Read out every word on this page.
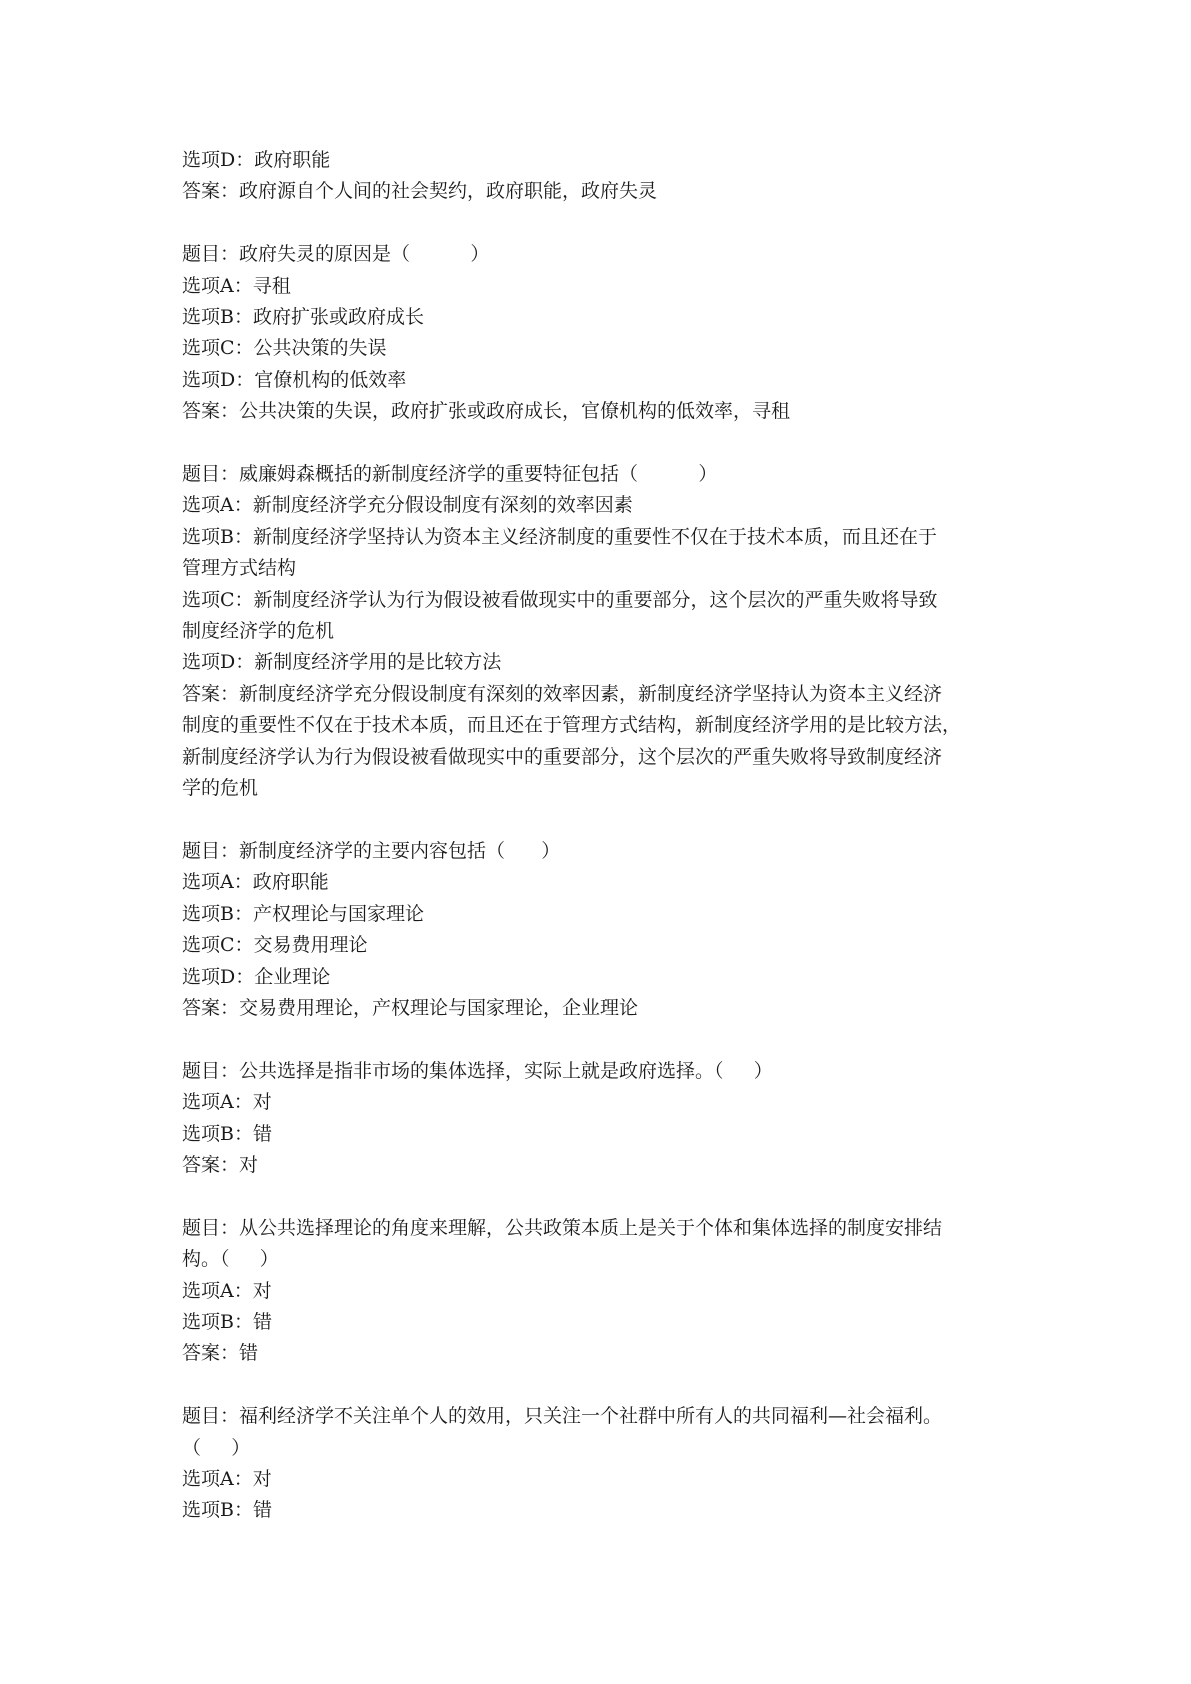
选项D：政府职能
答案：政府源自个人间的社会契约，政府职能，政府失灵
题目：政府失灵的原因是（          ）
选项A：寻租
选项B：政府扩张或政府成长
选项C：公共决策的失误
选项D：官僚机构的低效率
答案：公共决策的失误，政府扩张或政府成长，官僚机构的低效率，寻租
题目：威廉姆森概括的新制度经济学的重要特征包括（          ）
选项A：新制度经济学充分假设制度有深刻的效率因素
选项B：新制度经济学坚持认为资本主义经济制度的重要性不仅在于技术本质，而且还在于
管理方式结构
选项C：新制度经济学认为行为假设被看做现实中的重要部分，这个层次的严重失败将导致
制度经济学的危机
选项D：新制度经济学用的是比较方法
答案：新制度经济学充分假设制度有深刻的效率因素，新制度经济学坚持认为资本主义经济
制度的重要性不仅在于技术本质，而且还在于管理方式结构，新制度经济学用的是比较方法，
新制度经济学认为行为假设被看做现实中的重要部分，这个层次的严重失败将导致制度经济
学的危机
题目：新制度经济学的主要内容包括（      ）
选项A：政府职能
选项B：产权理论与国家理论
选项C：交易费用理论
选项D：企业理论
答案：交易费用理论，产权理论与国家理论，企业理论
题目：公共选择是指非市场的集体选择，实际上就是政府选择。（     ）
选项A：对
选项B：错
答案：对
题目：从公共选择理论的角度来理解，公共政策本质上是关于个体和集体选择的制度安排结
构。（     ）
选项A：对
选项B：错
答案：错
题目：福利经济学不关注单个人的效用，只关注一个社群中所有人的共同福利—社会福利。
（     ）
选项A：对
选项B：错
